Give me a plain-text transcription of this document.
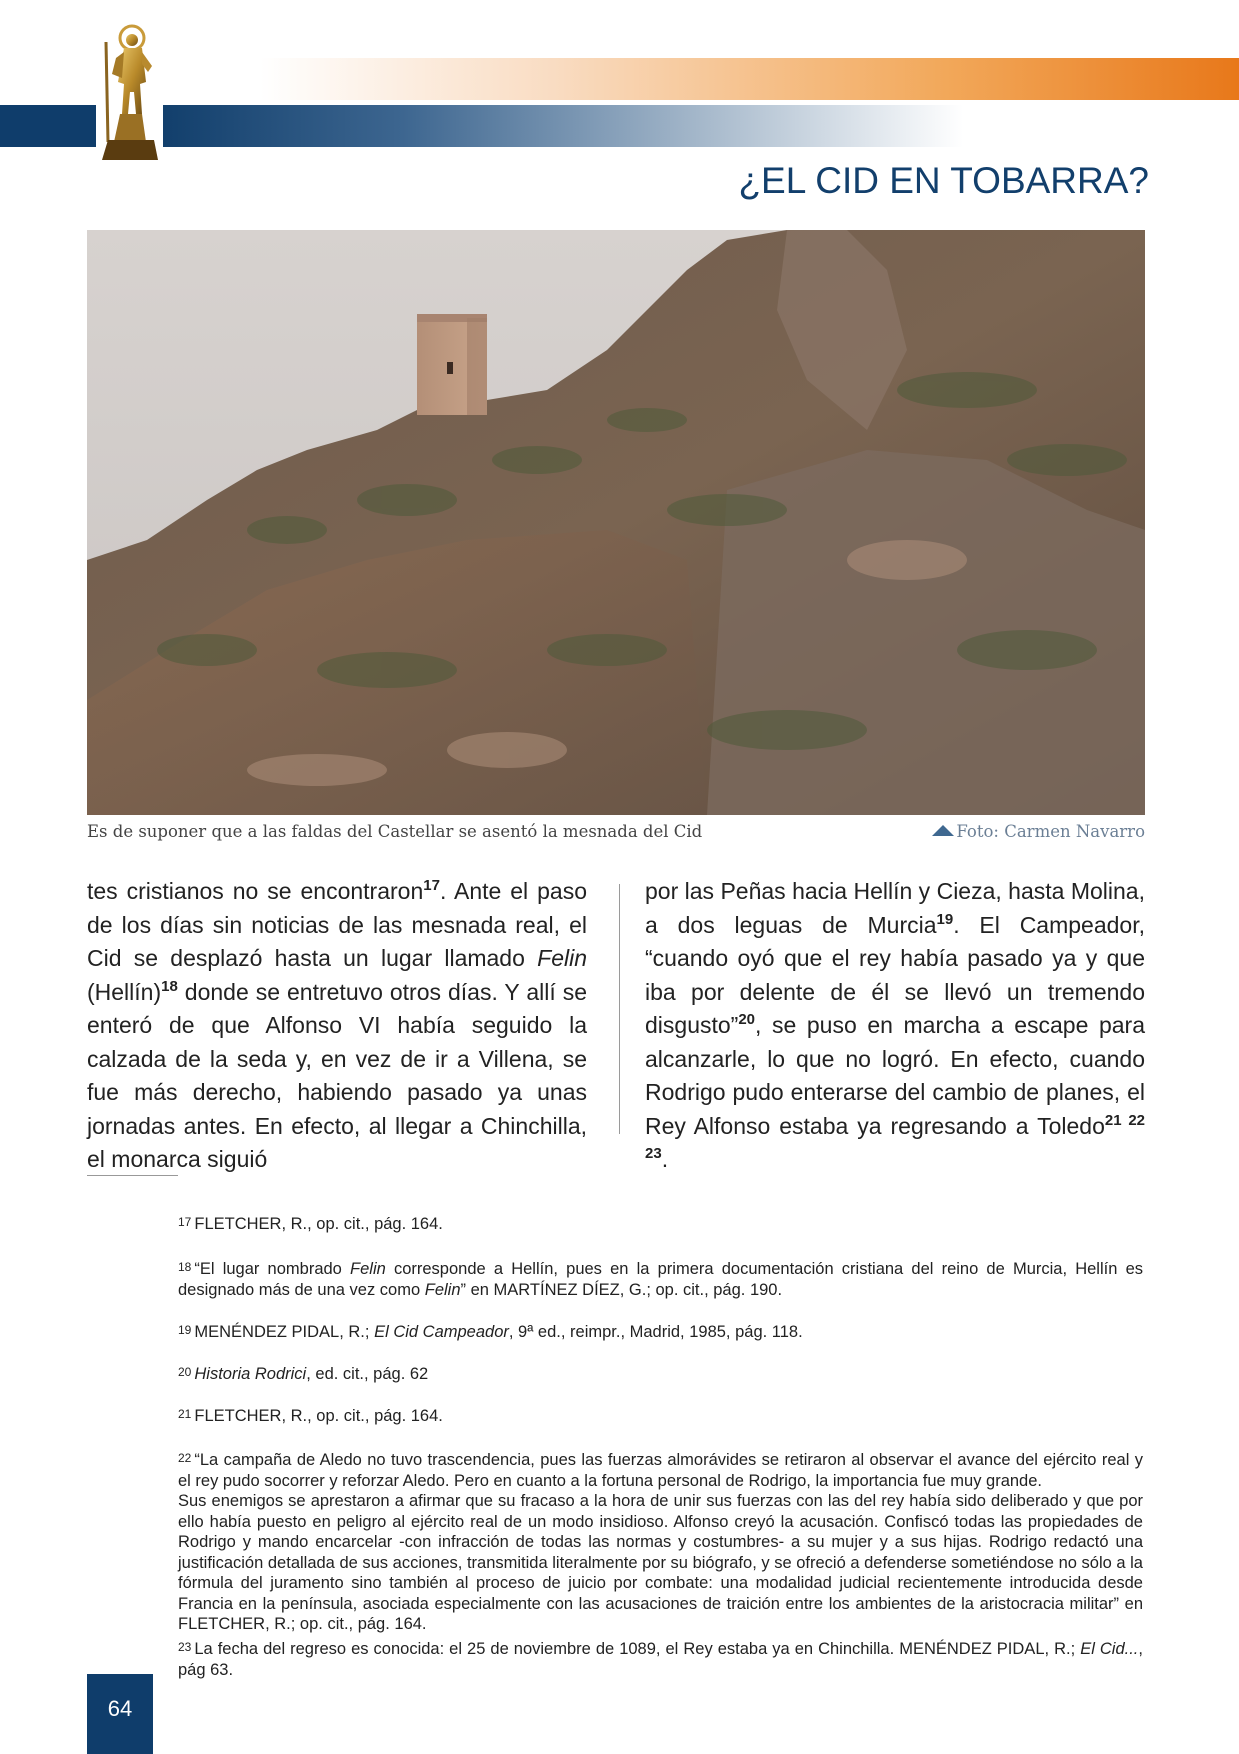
¿EL CID EN TOBARRA?
Es de suponer que a las faldas del Castellar se asentó la mesnada del Cid	Foto: Carmen Navarro
tes cristianos no se encontraron$^{17}$. Ante el paso de los días sin noticias de las mesnada real, el Cid se desplazó hasta un lugar llamado Felin (Hellín)$^{18}$ donde se entretuvo otros días. Y allí se enteró de que Alfonso VI había seguido la calzada de la seda y, en vez de ir a Villena, se fue más derecho, habiendo pasado ya unas jornadas antes. En efecto, al llegar a Chinchilla, el monarca siguió
por las Peñas hacia Hellín y Cieza, hasta Molina, a dos leguas de Murcia$^{19}$. El Campeador, “cuando oyó que el rey había pasado ya y que iba por delente de él se llevó un tremendo disgusto”$^{20}$, se puso en marcha a escape para alcanzarle, lo que no logró. En efecto, cuando Rodrigo pudo enterarse del cambio de planes, el Rey Alfonso estaba ya regresando a Toledo$^{21 22 23}$.
17 FLETCHER, R., op. cit., pág. 164.
18 “El lugar nombrado Felin corresponde a Hellín, pues en la primera documentación cristiana del reino de Murcia, Hellín es designado más de una vez como Felin” en MARTÍNEZ DÍEZ, G.; op. cit., pág. 190.
19 MENÉNDEZ PIDAL, R.; El Cid Campeador, 9ª ed., reimpr., Madrid, 1985, pág. 118.
20 Historia Rodrici, ed. cit., pág. 62
21 FLETCHER, R., op. cit., pág. 164.
22 “La campaña de Aledo no tuvo trascendencia, pues las fuerzas almorávides se retiraron al observar el avance del ejército real y el rey pudo socorrer y reforzar Aledo. Pero en cuanto a la fortuna personal de Rodrigo, la importancia fue muy grande.
Sus enemigos se aprestaron a afirmar que su fracaso a la hora de unir sus fuerzas con las del rey había sido deliberado y que por ello había puesto en peligro al ejército real de un modo insidioso. Alfonso creyó la acusación. Confiscó todas las propiedades de Rodrigo y mando encarcelar -con infracción de todas las normas y costumbres- a su mujer y a sus hijas. Rodrigo redactó una justificación detallada de sus acciones, transmitida literalmente por su biógrafo, y se ofreció a defenderse sometiéndose no sólo a la fórmula del juramento sino también al proceso de juicio por combate: una modalidad judicial recientemente introducida desde Francia en la península, asociada especialmente con las acusaciones de traición entre los ambientes de la aristocracia militar” en FLETCHER, R.; op. cit., pág. 164.
23 La fecha del regreso es conocida: el 25 de noviembre de 1089, el Rey estaba ya en Chinchilla. MENÉNDEZ PIDAL, R.; El Cid..., pág 63.
64
